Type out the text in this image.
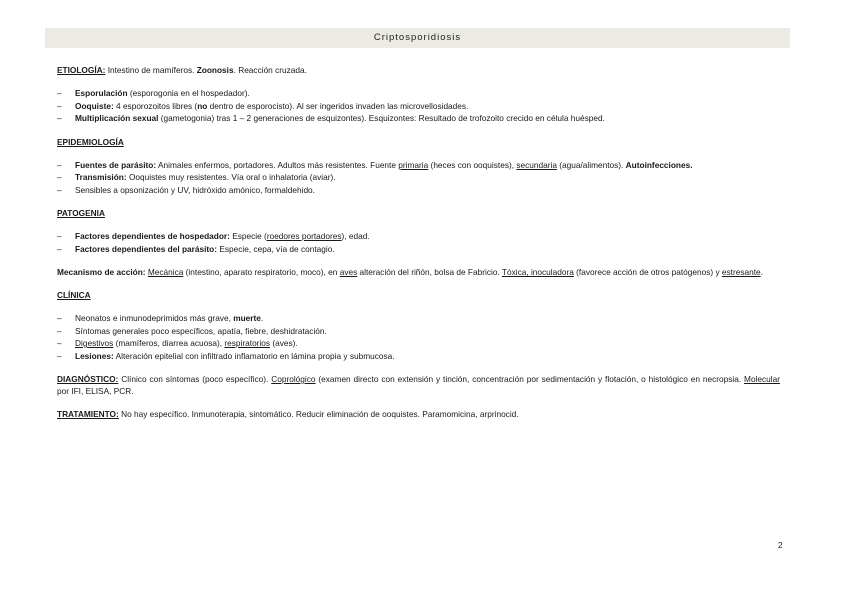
Criptosporidiosis

ETIOLOGÍA: Intestino de mamíferos. Zoonosis. Reacción cruzada.

– Esporulación (esporogonia en el hospedador).
– Ooquiste: 4 esporozoitos libres (no dentro de esporocisto). Al ser ingeridos invaden las microvellosidades.
– Multiplicación sexual (gametogonia) tras 1 – 2 generaciones de esquizontes). Esquizontes: Resultado de trofozoito crecido en célula huésped.

EPIDEMIOLOGÍA

– Fuentes de parásito: Animales enfermos, portadores. Adultos más resistentes. Fuente primaria (heces con ooquistes), secundaria (agua/alimentos). Autoinfecciones.
– Transmisión: Ooquistes muy resistentes. Vía oral o inhalatoria (aviar).
– Sensibles a opsonización y UV, hidróxido amónico, formaldehido.

PATOGENIA

– Factores dependientes de hospedador: Especie (roedores portadores), edad.
– Factores dependientes del parásito: Especie, cepa, vía de contagio.

Mecanismo de acción: Mecánica (intestino, aparato respiratorio, moco), en aves alteración del riñón, bolsa de Fabricio. Tóxica, inoculadora (favorece acción de otros patógenos) y estresante.

CLÍNICA

– Neonatos e inmunodeprimidos más grave, muerte.
– Síntomas generales poco específicos, apatía, fiebre, deshidratación.
– Digestivos (mamíferos, diarrea acuosa), respiratorios (aves).
– Lesiones: Alteración epitelial con infiltrado inflamatorio en lámina propia y submucosa.

DIAGNÓSTICO: Clínico con síntomas (poco específico). Coprológico (examen directo con extensión y tinción, concentración por sedimentación y flotación, o histológico en necropsia. Molecular por IFI, ELISA, PCR.

TRATAMIENTO: No hay específico. Inmunoterapia, sintomático. Reducir eliminación de ooquistes. Paramomicina, arprinocid.

2
